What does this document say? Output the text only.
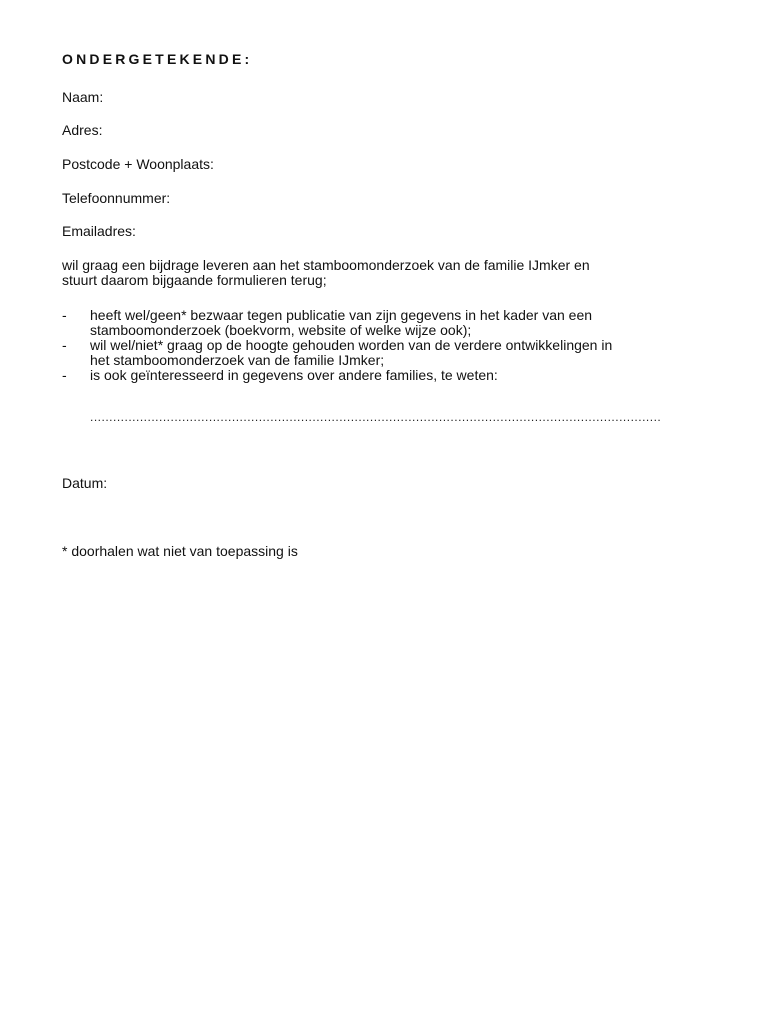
ONDERGETEKENDE:
Naam:
Adres:
Postcode + Woonplaats:
Telefoonnummer:
Emailadres:

wil graag een bijdrage leveren aan het stamboomonderzoek van de familie IJmker en

stuurt daarom bijgaande formulieren terug;

- heeft wel/geen* bezwaar tegen publicatie van zijn gegevens in het kader van een
stamboomonderzoek (boekvorm, website of welke wijze ook);
- wil wel/niet* graag op de hoogte gehouden worden van de verdere ontwikkelingen in
het stamboomonderzoek van de familie IJmker;
- is ook geïnteresseerd in gegevens over andere families, te weten:
.....................................................................................................................................................
Datum:
* doorhalen wat niet van toepassing is
